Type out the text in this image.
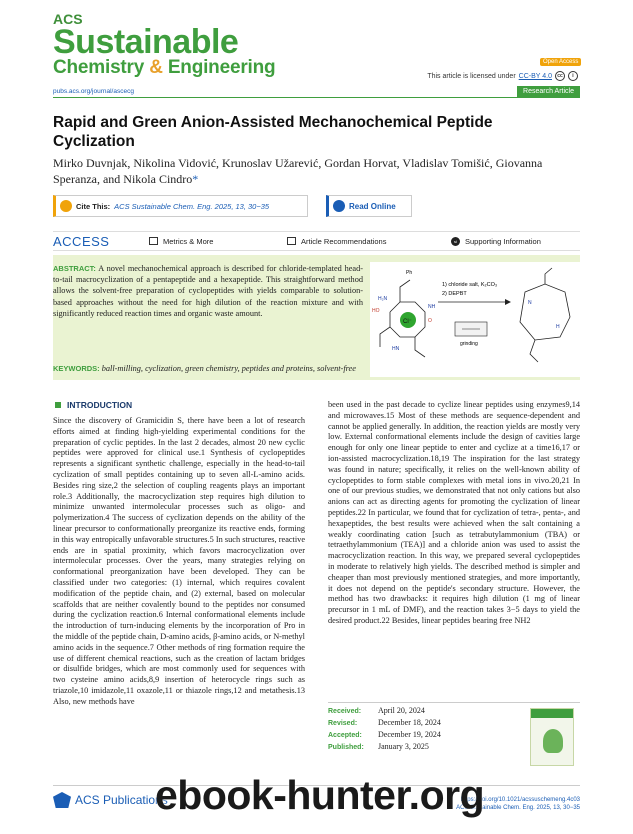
ACS
Sustainable
Chemistry & Engineering	Open Access
This article is licensed under CC-BY 4.0	cc	i
pubs.acs.org/journal/ascecg	Research Article
Rapid and Green Anion-Assisted Mechanochemical Peptide Cyclization
Mirko Duvnjak, Nikolina Vidović, Krunoslav Užarević, Gordan Horvat, Vladislav Tomišić, Giovanna Speranza, and Nikola Cindro*
Cite This: ACS Sustainable Chem. Eng. 2025, 13, 30−35	Read Online
ACCESS	Metrics & More	Article Recommendations	si	Supporting Information
ABSTRACT: A novel mechanochemical approach is described for chloride-templated head-to-tail macrocyclization of a pentapeptide and a hexapeptide. This straightforward method allows the solvent-free preparation of cyclopeptides with yields comparable to solution-based approaches without the need for high dilution of the reaction mixture and with significantly reduced reaction times and organic waste amount.
Cl⁻
Ph
H₂N
HO
O
NH
HN
1) chloride salt, K₂CO₃
2) DEPBT
grinding
N
H
KEYWORDS: ball-milling, cyclization, green chemistry, peptides and proteins, solvent-free
INTRODUCTION
Since the discovery of Gramicidin S, there have been a lot of research efforts aimed at finding high-yielding experimental conditions for the preparation of cyclic peptides. In the last 2 decades, almost 20 new cyclic peptides were approved for clinical use.1 Synthesis of cyclopeptides represents a significant synthetic challenge, especially in the head-to-tail cyclization of small peptides containing up to seven all-L-amino acids. Besides ring size,2 the selection of coupling reagents plays an important role.3 Additionally, the macrocyclization step requires high dilution to minimize unwanted intermolecular processes such as oligo- and polymerization.4 The success of cyclization depends on the ability of the linear precursor to conformationally preorganize its reactive ends, forming in this way entropically unfavorable structures.5 In such structures, reactive ends are in spatial proximity, which favors macrocyclization over intermolecular processes. Over the years, many strategies relying on conformational preorganization have been developed. They can be classified under two categories: (1) internal, which requires covalent modification of the peptide chain, and (2) external, based on molecular scaffolds that are neither covalently bound to the peptides nor consumed during the cyclization reaction.6 Internal conformational elements include the introduction of turn-inducing elements by the incorporation of Pro in the middle of the peptide chain, D-amino acids, β-amino acids, or N-methyl amino acids in the sequence.7 Other methods of ring formation require the use of different chemical reactions, such as the creation of lactam bridges or disulfide bridges, which are most commonly used for sequences with two cysteine amino acids,8,9 insertion of heterocycle rings such as triazole,10 imidazole,11 oxazole,11 or thiazole rings,12 and metathesis.13 Also, new methods have
been used in the past decade to cyclize linear peptides using enzymes9,14 and microwaves.15 Most of these methods are sequence-dependent and cannot be applied generally. In addition, the reaction yields are mostly very low. External conformational elements include the design of cavities large enough for only one linear peptide to enter and cyclize at a time16,17 or ion-assisted macrocyclization.18,19 The inspiration for the last strategy was found in nature; specifically, it relies on the well-known ability of cyclopeptides to form stable complexes with metal ions in vivo.20,21 In one of our previous studies, we demonstrated that not only cations but also anions can act as directing agents for promoting the cyclization of linear peptides.22 In particular, we found that for cyclization of tetra-, penta-, and hexapeptides, the best results were achieved when the salt containing a weakly coordinating cation [such as tetrabutylammonium (TBA) or tetraethylammonium (TEA)] and a chloride anion was used to assist the macrocyclization reaction. In this way, we prepared several cyclopeptides in moderate to relatively high yields. The described method is simpler and cheaper than most previously mentioned strategies, and more importantly, it does not depend on the peptide's secondary structure. However, the method has two drawbacks: it requires high dilution (1 mg of linear precursor in 1 mL of DMF), and the reaction takes 3−5 days to yield the desired product.22 Besides, linear peptides bearing free NH2
Received: April 20, 2024
Revised:	December 18, 2024
Accepted: December 19, 2024
Published: January 3, 2025
ACS Publications	https://doi.org/10.1021/acssuschemeng.4c03
ACS Sustainable Chem. Eng. 2025, 13, 30−35
ebook-hunter.org
